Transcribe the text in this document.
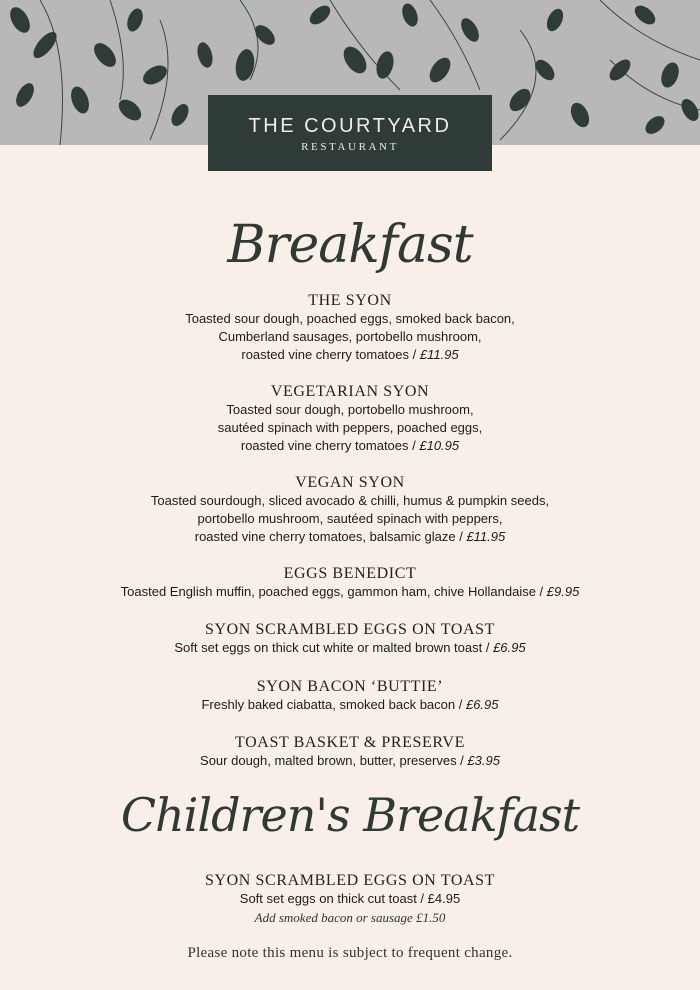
THE COURTYARD
RESTAURANT
Breakfast
THE SYON
Toasted sour dough, poached eggs, smoked back bacon,
Cumberland sausages, portobello mushroom,
roasted vine cherry tomatoes / £11.95
VEGETARIAN SYON
Toasted sour dough, portobello mushroom,
sautéed spinach with peppers, poached eggs,
roasted vine cherry tomatoes / £10.95
VEGAN SYON
Toasted sourdough, sliced avocado & chilli, humus & pumpkin seeds,
portobello mushroom, sautéed spinach with peppers,
roasted vine cherry tomatoes, balsamic glaze / £11.95
EGGS BENEDICT
Toasted English muffin, poached eggs, gammon ham, chive Hollandaise / £9.95
SYON SCRAMBLED EGGS ON TOAST
Soft set eggs on thick cut white or malted brown toast / £6.95
SYON BACON ‘BUTTIE’
Freshly baked ciabatta, smoked back bacon / £6.95
TOAST BASKET & PRESERVE
Sour dough, malted brown, butter, preserves / £3.95
Children's Breakfast
SYON SCRAMBLED EGGS ON TOAST
Soft set eggs on thick cut toast / £4.95
Add smoked bacon or sausage £1.50
Please note this menu is subject to frequent change.
